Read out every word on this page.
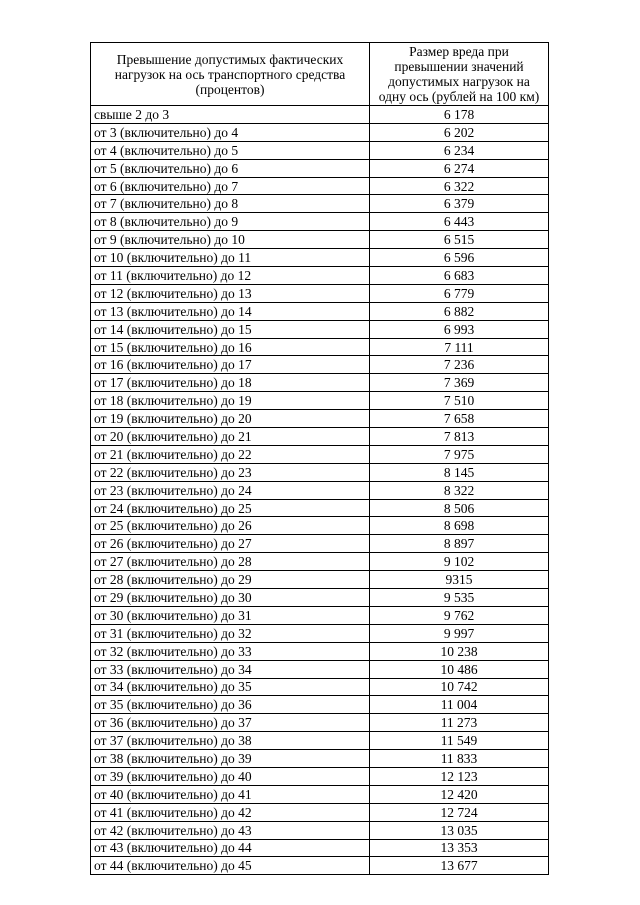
Превышение допустимых фактических нагрузок на ось транспортного средства (процентов)	Размер вреда при превышении значений допустимых нагрузок на одну ось (рублей на 100 км)
свыше 2 до 3	6 178
от 3 (включительно) до 4	6 202
от 4 (включительно) до 5	6 234
от 5 (включительно) до 6	6 274
от 6 (включительно) до 7	6 322
от 7 (включительно) до 8	6 379
от 8 (включительно) до 9	6 443
от 9 (включительно) до 10	6 515
от 10 (включительно) до 11	6 596
от 11 (включительно) до 12	6 683
от 12 (включительно) до 13	6 779
от 13 (включительно) до 14	6 882
от 14 (включительно) до 15	6 993
от 15 (включительно) до 16	7 111
от 16 (включительно) до 17	7 236
от 17 (включительно) до 18	7 369
от 18 (включительно) до 19	7 510
от 19 (включительно) до 20	7 658
от 20 (включительно) до 21	7 813
от 21 (включительно) до 22	7 975
от 22 (включительно) до 23	8 145
от 23 (включительно) до 24	8 322
от 24 (включительно) до 25	8 506
от 25 (включительно) до 26	8 698
от 26 (включительно) до 27	8 897
от 27 (включительно) до 28	9 102
от 28 (включительно) до 29	9315
от 29 (включительно) до 30	9 535
от 30 (включительно) до 31	9 762
от 31 (включительно) до 32	9 997
от 32 (включительно) до 33	10 238
от 33 (включительно) до 34	10 486
от 34 (включительно) до 35	10 742
от 35 (включительно) до 36	11 004
от 36 (включительно) до 37	11 273
от 37 (включительно) до 38	11 549
от 38 (включительно) до 39	11 833
от 39 (включительно) до 40	12 123
от 40 (включительно) до 41	12 420
от 41 (включительно) до 42	12 724
от 42 (включительно) до 43	13 035
от 43 (включительно) до 44	13 353
от 44 (включительно) до 45	13 677
